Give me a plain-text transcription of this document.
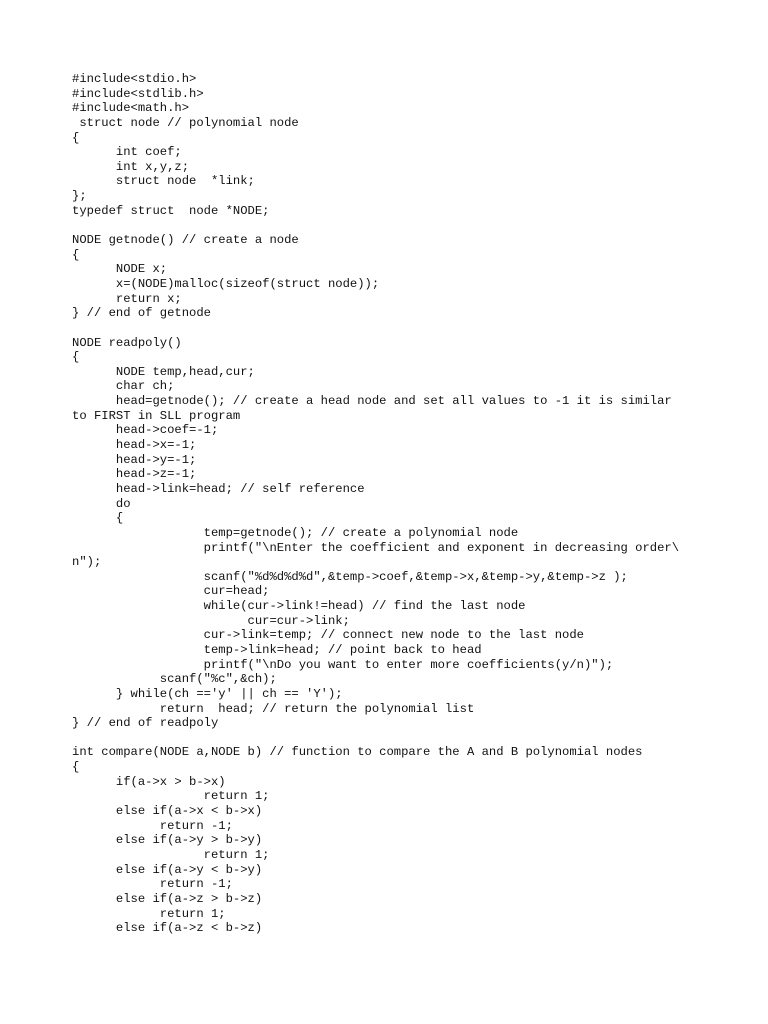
#include<stdio.h>
#include<stdlib.h>
#include<math.h>
struct node // polynomial node
{
int coef;
int x,y,z;
struct node  *link;
};
typedef struct  node *NODE;
NODE getnode() // create a node
{
NODE x;
x=(NODE)malloc(sizeof(struct node));
return x;
} // end of getnode
NODE readpoly()
{
NODE temp,head,cur;
char ch;
head=getnode(); // create a head node and set all values to -1 it is similar
to FIRST in SLL program
head->coef=-1;
head->x=-1;
head->y=-1;
head->z=-1;
head->link=head; // self reference
do
{
temp=getnode(); // create a polynomial node
printf("\nEnter the coefficient and exponent in decreasing order\
n");
scanf("%d%d%d%d",&temp->coef,&temp->x,&temp->y,&temp->z );
cur=head;
while(cur->link!=head) // find the last node
cur=cur->link;
cur->link=temp; // connect new node to the last node
temp->link=head; // point back to head
printf("\nDo you want to enter more coefficients(y/n)");
scanf("%c",&ch);
} while(ch =='y' || ch == 'Y');
return  head; // return the polynomial list
} // end of readpoly
int compare(NODE a,NODE b) // function to compare the A and B polynomial nodes
{
if(a->x > b->x)
return 1;
else if(a->x < b->x)
return -1;
else if(a->y > b->y)
return 1;
else if(a->y < b->y)
return -1;
else if(a->z > b->z)
return 1;
else if(a->z < b->z)
